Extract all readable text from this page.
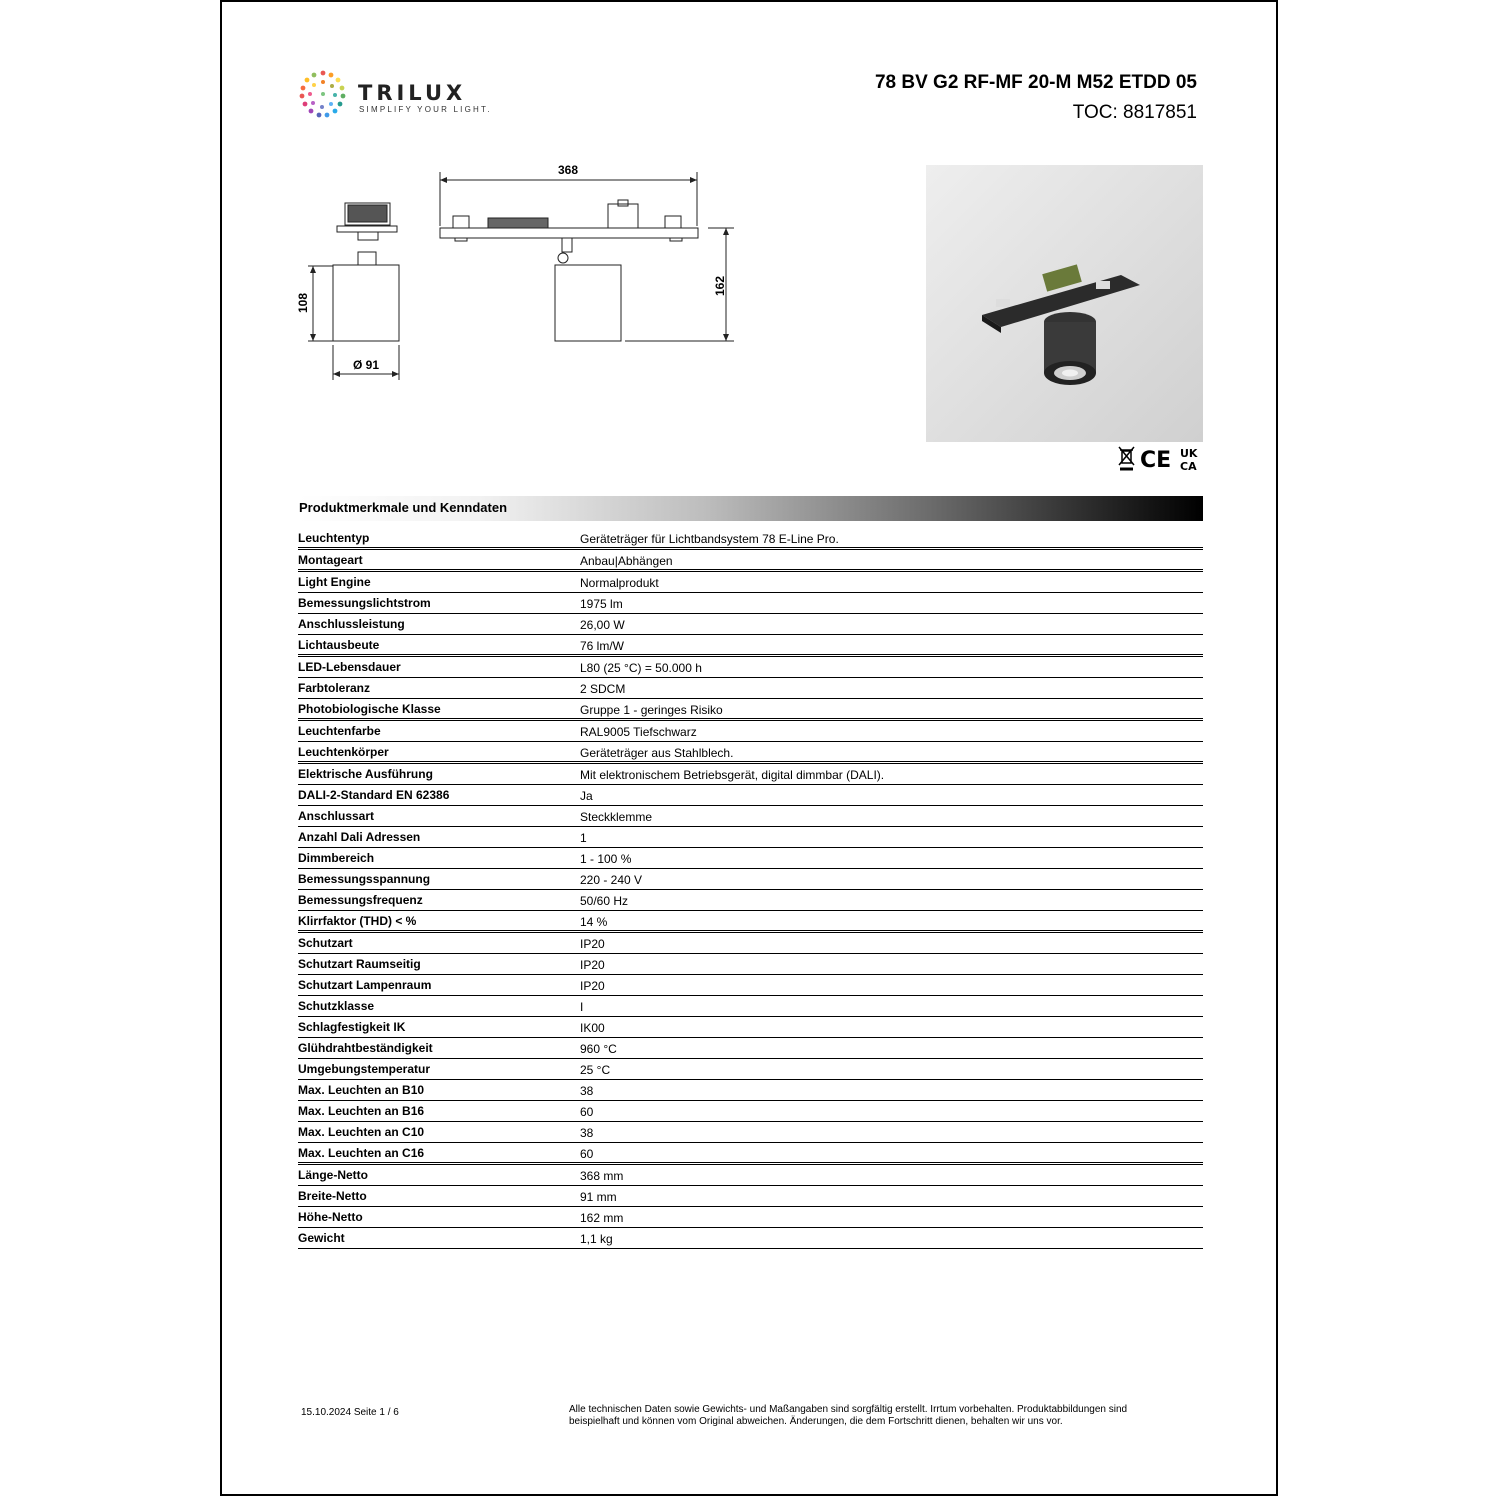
TRILUX
SIMPLIFY YOUR LIGHT.
78 BV G2 RF-MF 20-M M52 ETDD 05
TOC: 8817851
368
162
108
Ø 91
CE UK
CA
Produktmerkmale und Kenndaten
Leuchtentyp	Geräteträger für Lichtbandsystem 78 E-Line Pro.
Montageart	Anbau|Abhängen
Light Engine	Normalprodukt
Bemessungslichtstrom	1975 lm
Anschlussleistung	26,00 W
Lichtausbeute	76 lm/W
LED-Lebensdauer	L80 (25 °C) = 50.000 h
Farbtoleranz	2 SDCM
Photobiologische Klasse	Gruppe 1 - geringes Risiko
Leuchtenfarbe	RAL9005 Tiefschwarz
Leuchtenkörper	Geräteträger aus Stahlblech.
Elektrische Ausführung	Mit elektronischem Betriebsgerät, digital dimmbar (DALI).
DALI-2-Standard EN 62386	Ja
Anschlussart	Steckklemme
Anzahl Dali Adressen	1
Dimmbereich	1 - 100 %
Bemessungsspannung	220 - 240 V
Bemessungsfrequenz	50/60 Hz
Klirrfaktor (THD) < %	14 %
Schutzart	IP20
Schutzart Raumseitig	IP20
Schutzart Lampenraum	IP20
Schutzklasse	I
Schlagfestigkeit IK	IK00
Glühdrahtbeständigkeit	960 °C
Umgebungstemperatur	25 °C
Max. Leuchten an B10	38
Max. Leuchten an B16	60
Max. Leuchten an C10	38
Max. Leuchten an C16	60
Länge-Netto	368 mm
Breite-Netto	91 mm
Höhe-Netto	162 mm
Gewicht	1,1 kg
15.10.2024 Seite 1 / 6	Alle technischen Daten sowie Gewichts- und Maßangaben sind sorgfältig erstellt. Irrtum vorbehalten. Produktabbildungen sind beispielhaft und können vom Original abweichen. Änderungen, die dem Fortschritt dienen, behalten wir uns vor.
